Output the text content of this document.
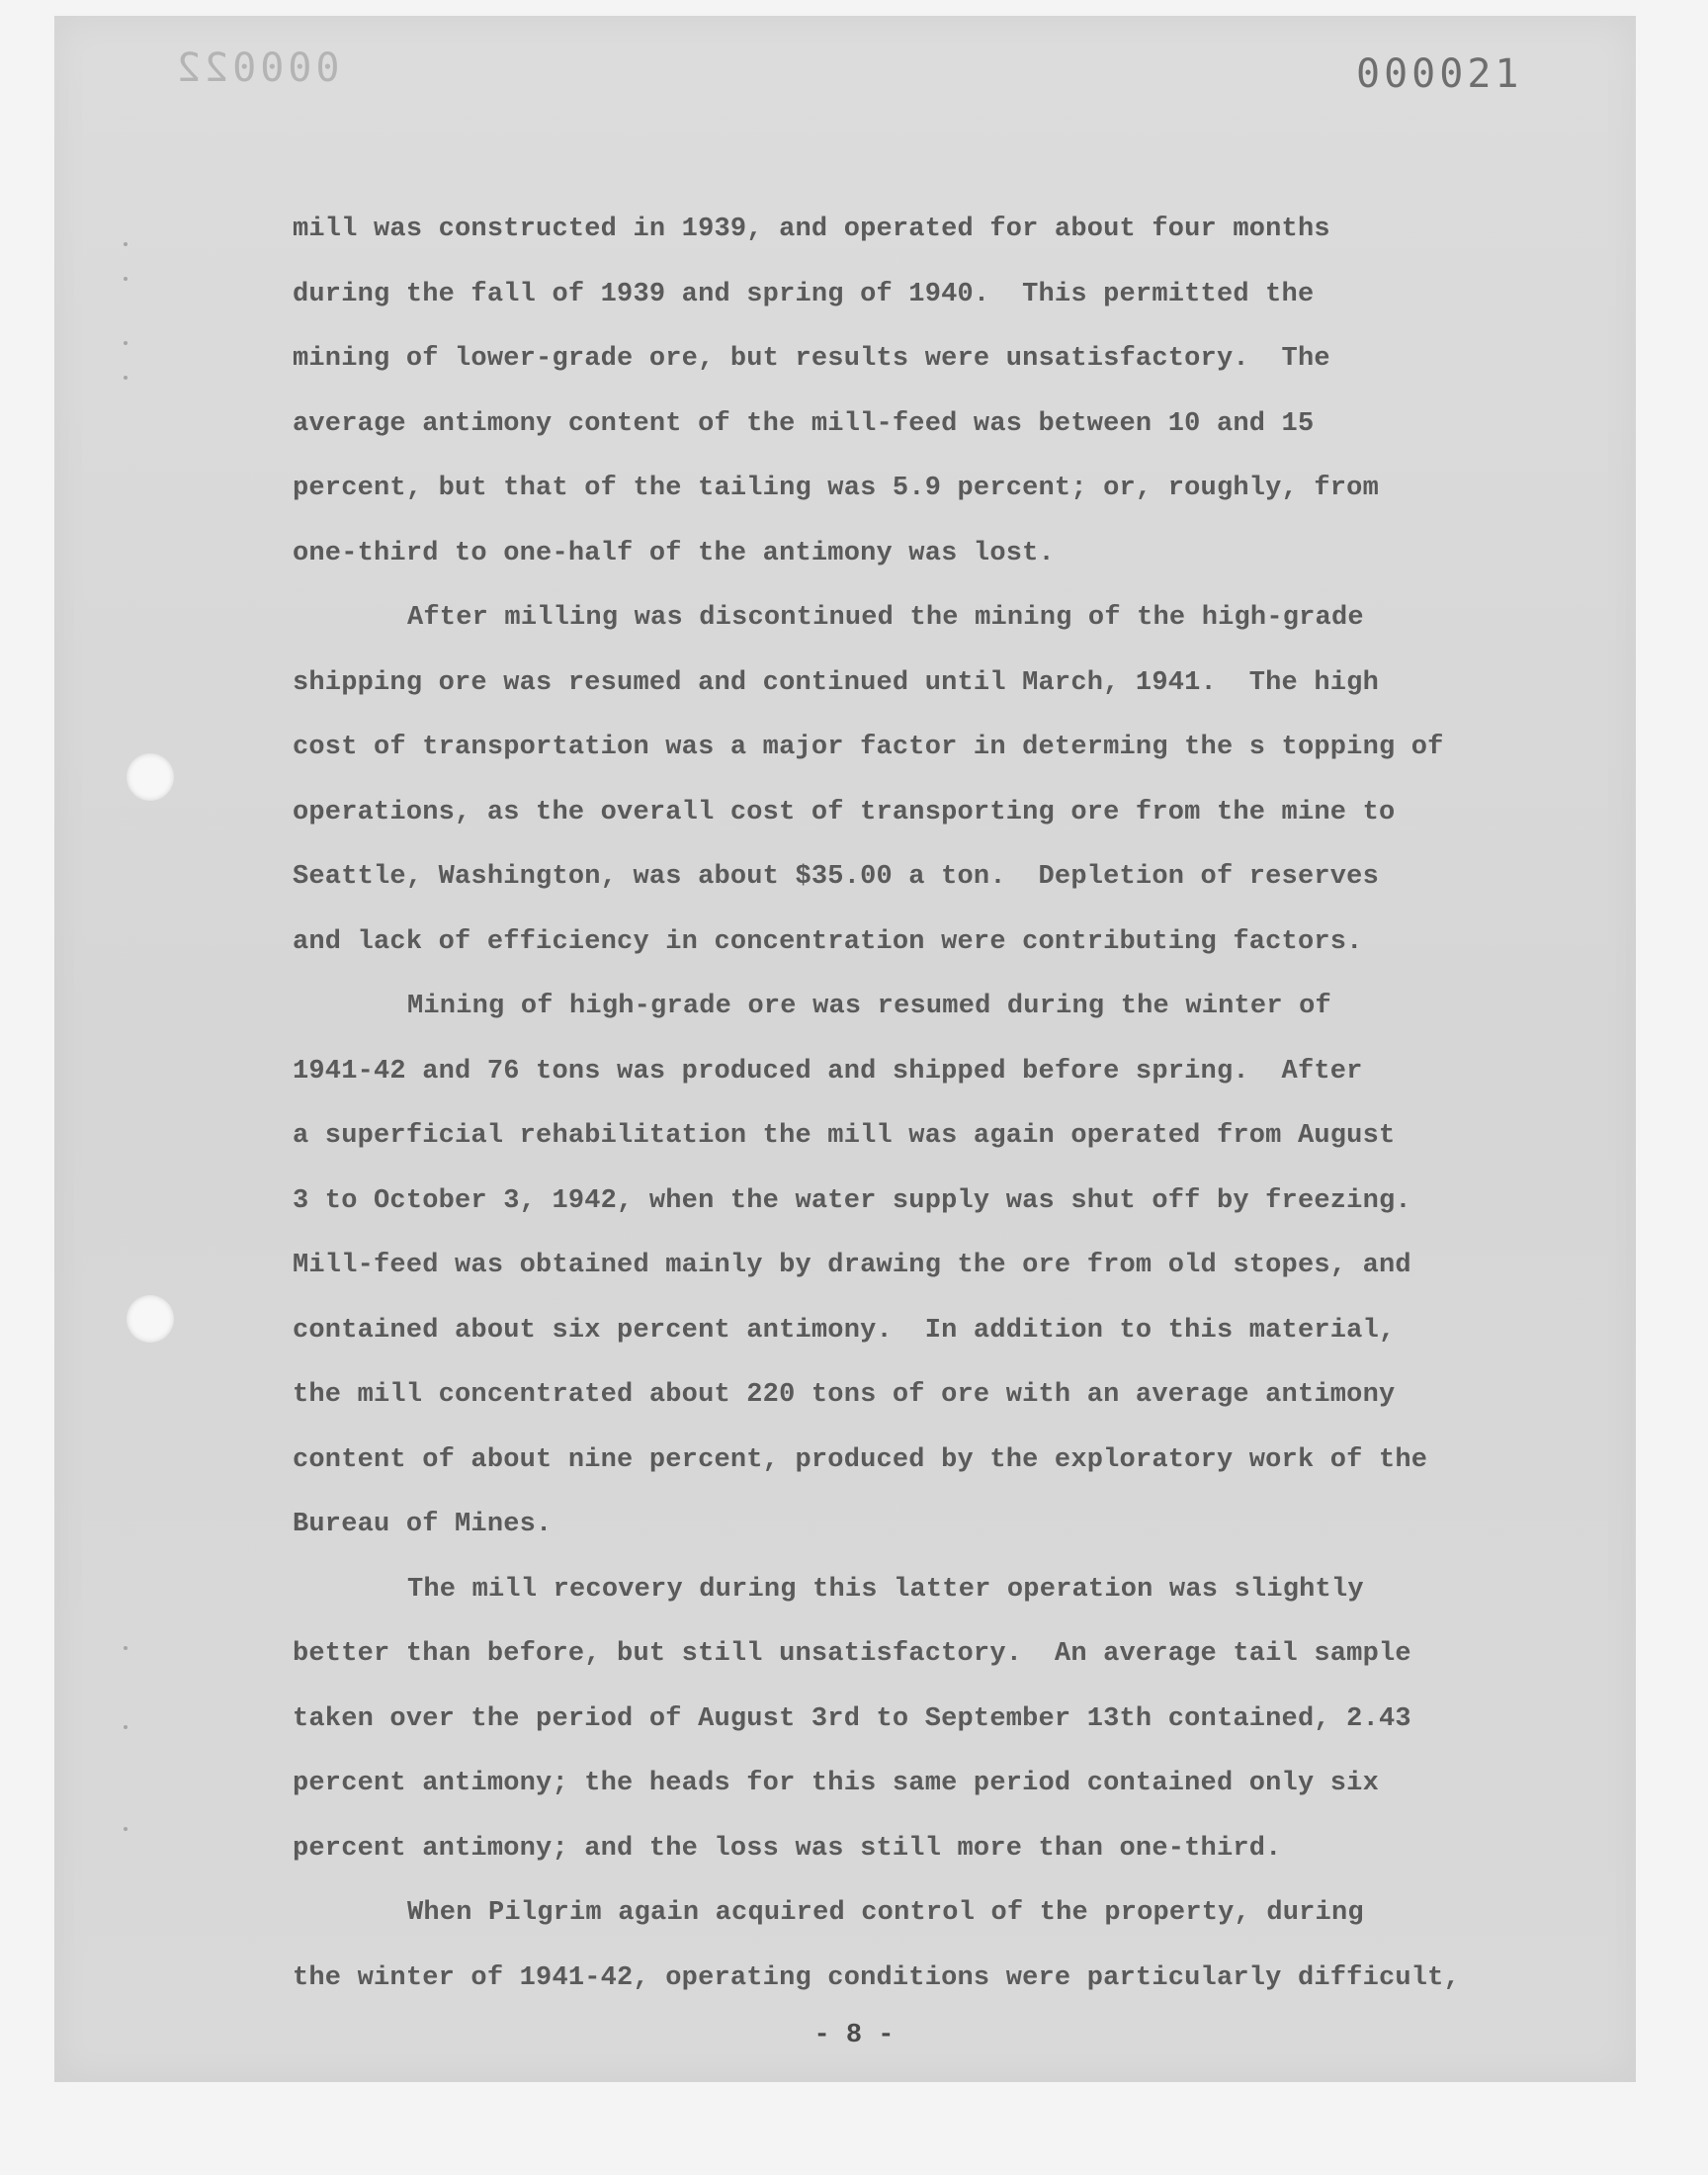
000022	000021
mill was constructed in 1939, and operated for about four months
during the fall of 1939 and spring of 1940.  This permitted the
mining of lower-grade ore, but results were unsatisfactory.  The
average antimony content of the mill-feed was between 10 and 15
percent, but that of the tailing was 5.9 percent; or, roughly, from
one-third to one-half of the antimony was lost.
After milling was discontinued the mining of the high-grade
shipping ore was resumed and continued until March, 1941.  The high
cost of transportation was a major factor in determing the s topping of
operations, as the overall cost of transporting ore from the mine to
Seattle, Washington, was about $35.00 a ton.  Depletion of reserves
and lack of efficiency in concentration were contributing factors.
Mining of high-grade ore was resumed during the winter of
1941-42 and 76 tons was produced and shipped before spring.  After
a superficial rehabilitation the mill was again operated from August
3 to October 3, 1942, when the water supply was shut off by freezing.
Mill-feed was obtained mainly by drawing the ore from old stopes, and
contained about six percent antimony.  In addition to this material,
the mill concentrated about 220 tons of ore with an average antimony
content of about nine percent, produced by the exploratory work of the
Bureau of Mines.
The mill recovery during this latter operation was slightly
better than before, but still unsatisfactory.  An average tail sample
taken over the period of August 3rd to September 13th contained, 2.43
percent antimony; the heads for this same period contained only six
percent antimony; and the loss was still more than one-third.
When Pilgrim again acquired control of the property, during
the winter of 1941-42, operating conditions were particularly difficult,
- 8 -
